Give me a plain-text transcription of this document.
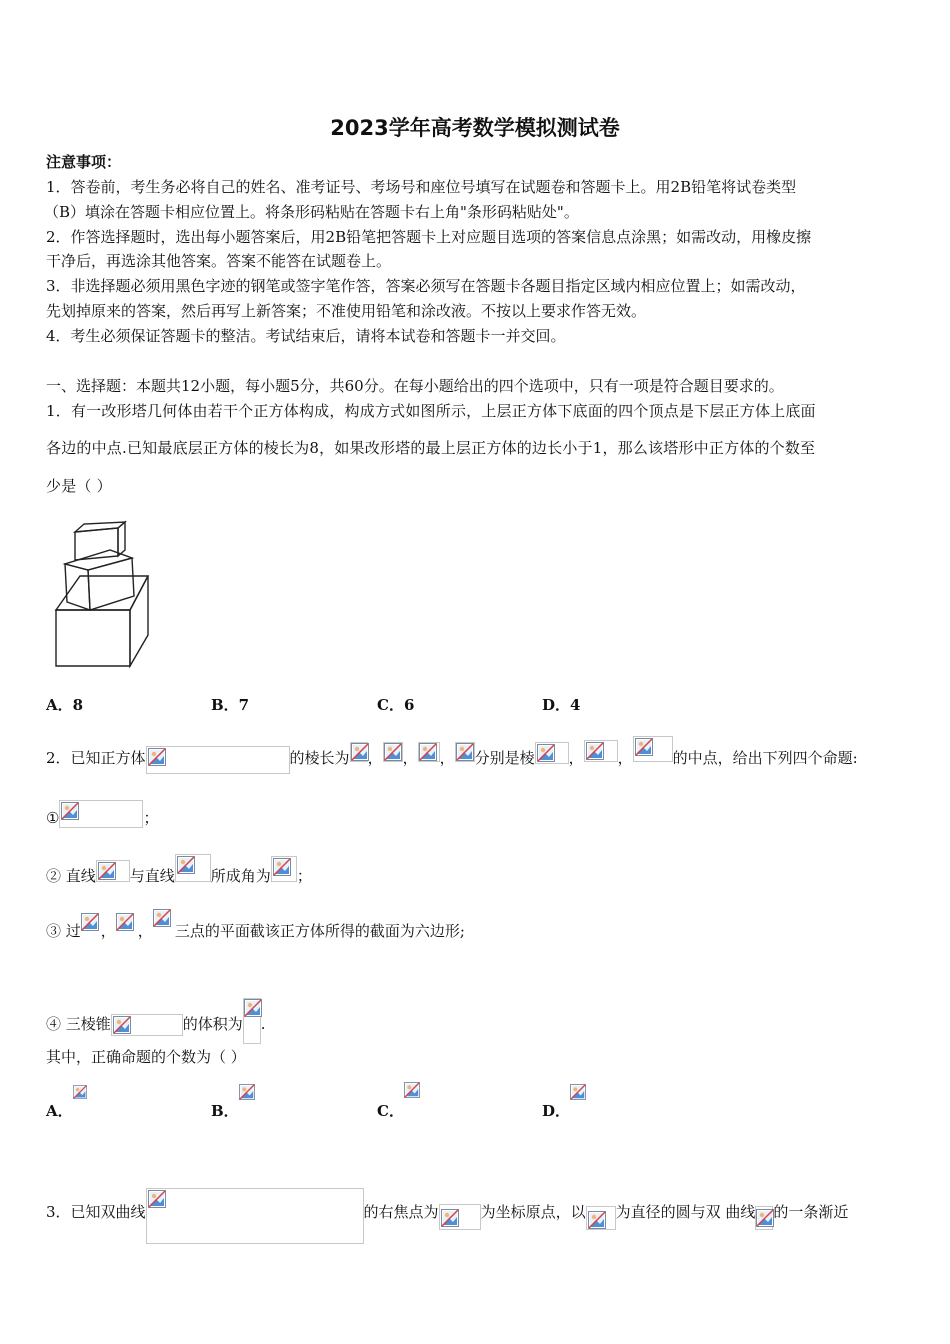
2023学年高考数学模拟测试卷
注意事项：
1．答卷前，考生务必将自己的姓名、准考证号、考场号和座位号填写在试题卷和答题卡上。用2B铅笔将试卷类型
（B）填涂在答题卡相应位置上。将条形码粘贴在答题卡右上角"条形码粘贴处"。
2．作答选择题时，选出每小题答案后，用2B铅笔把答题卡上对应题目选项的答案信息点涂黑；如需改动，用橡皮擦
干净后，再选涂其他答案。答案不能答在试题卷上。
3．非选择题必须用黑色字迹的钢笔或签字笔作答，答案必须写在答题卡各题目指定区域内相应位置上；如需改动，
先划掉原来的答案，然后再写上新答案；不准使用铅笔和涂改液。不按以上要求作答无效。
4．考生必须保证答题卡的整洁。考试结束后，请将本试卷和答题卡一并交回。
一、选择题：本题共12小题，每小题5分，共60分。在每小题给出的四个选项中，只有一项是符合题目要求的。
1．有一改形塔几何体由若干个正方体构成，构成方式如图所示，上层正方体下底面的四个顶点是下层正方体上底面
各边的中点.已知最底层正方体的棱长为8，如果改形塔的最上层正方体的边长小于1，那么该塔形中正方体的个数至
少是（ ）
A．8	B．7	C．6	D．4
2．已知正方体	的棱长为 ， ， ， 分别是棱 ， ，	的中点，给出下列四个命题:
①	；
② 直线 与直线 所成角为 ；
③ 过 ， ， 三点的平面截该正方体所得的截面为六边形;
④ 三棱锥	的体积为 .
其中，正确命题的个数为（ ）
A．	B．	C．	D．
3．已知双曲线	的右焦点为	为坐标原点，以 为直径的圆与双 曲线 的一条渐近
